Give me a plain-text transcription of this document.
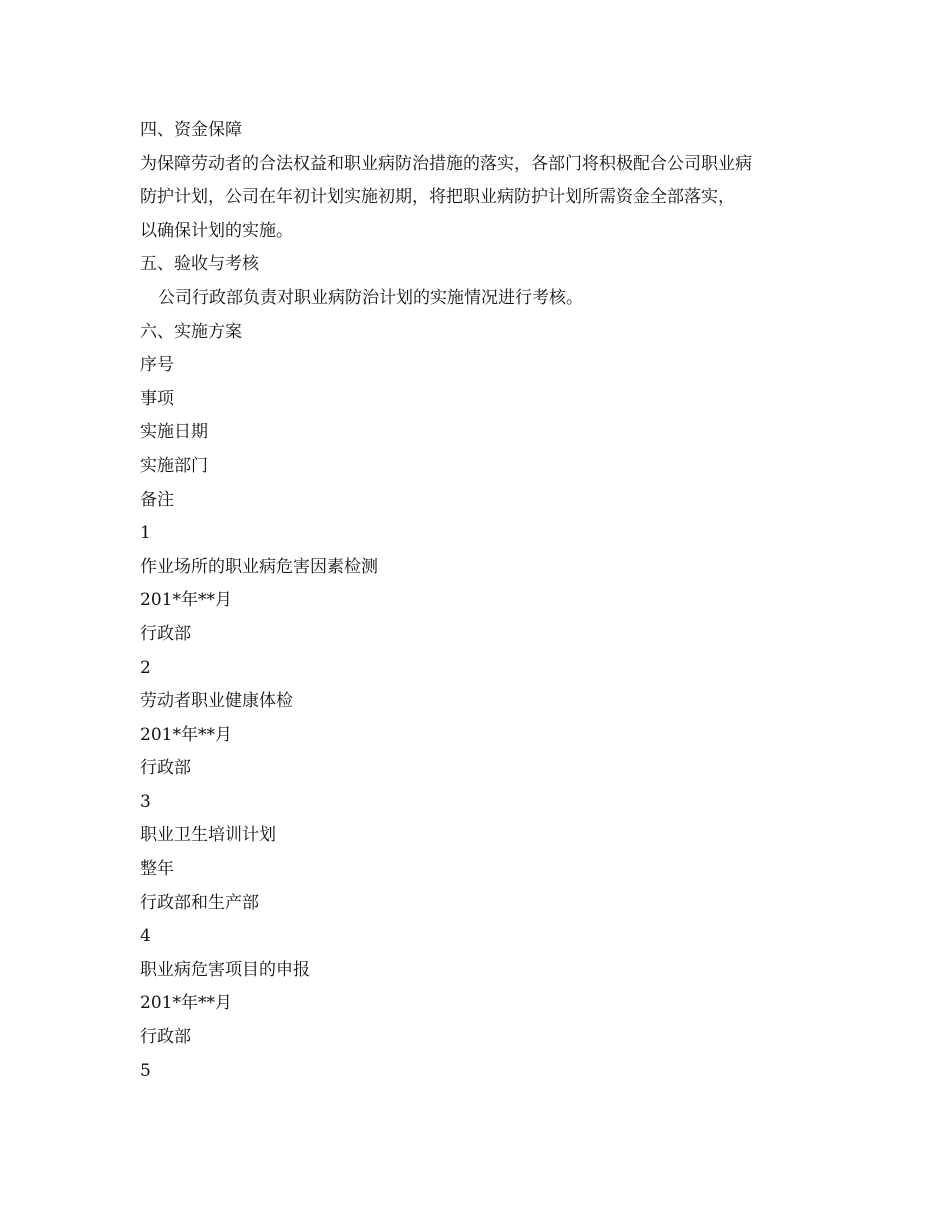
四、资金保障
为保障劳动者的合法权益和职业病防治措施的落实，各部门将积极配合公司职业病
防护计划，公司在年初计划实施初期，将把职业病防护计划所需资金全部落实，
以确保计划的实施。
五、验收与考核
公司行政部负责对职业病防治计划的实施情况进行考核。
六、实施方案
序号
事项
实施日期
实施部门
备注
1
作业场所的职业病危害因素检测
201*年**月
行政部
2
劳动者职业健康体检
201*年**月
行政部
3
职业卫生培训计划
整年
行政部和生产部
4
职业病危害项目的申报
201*年**月
行政部
5
